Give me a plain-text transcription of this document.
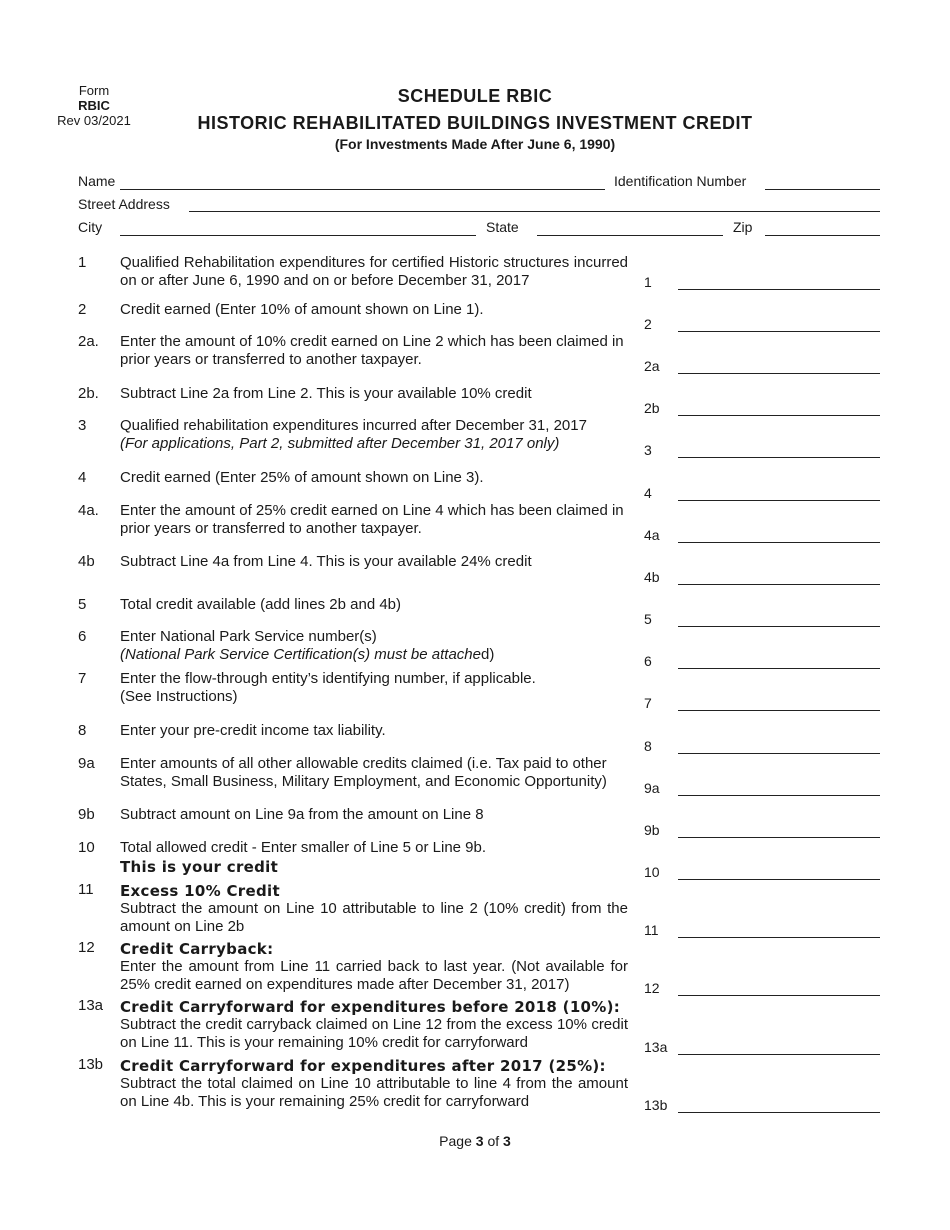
Form
RBIC
Rev 03/2021
SCHEDULE RBIC
HISTORIC REHABILITATED BUILDINGS INVESTMENT CREDIT
(For Investments Made After June 6, 1990)
Name	Identification Number
Street Address
City	State	Zip
1 Qualified Rehabilitation expenditures for certified Historic structures incurred on or after June 6, 1990 and on or before December 31, 2017	1
2 Credit earned (Enter 10% of amount shown on Line 1).
2
2a. Enter the amount of 10% credit earned on Line 2 which has been claimed in prior years or transferred to another taxpayer.	2a
2b. Subtract Line 2a from Line 2. This is your available 10% credit
2b
3 Qualified rehabilitation expenditures incurred after December 31, 2017
(For applications, Part 2, submitted after December 31, 2017 only)	3
4 Credit earned (Enter 25% of amount shown on Line 3).
4
4a. Enter the amount of 25% credit earned on Line 4 which has been claimed in prior years or transferred to another taxpayer.	4a
4b Subtract Line 4a from Line 4. This is your available 24% credit
4b
5 Total credit available (add lines 2b and 4b)
5
6 Enter National Park Service number(s)
(National Park Service Certification(s) must be attached)	6
7 Enter the flow-through entity’s identifying number, if applicable.
(See Instructions)	7
8 Enter your pre-credit income tax liability.
8
9a Enter amounts of all other allowable credits claimed (i.e. Tax paid to other States, Small Business, Military Employment, and Economic Opportunity)	9a
9b Subtract amount on Line 9a from the amount on Line 8
9b
10 Total allowed credit - Enter smaller of Line 5 or Line 9b.
This is your credit	10
11 Excess 10% Credit
Subtract the amount on Line 10 attributable to line 2 (10% credit) from the amount on Line 2b	11
12 Credit Carryback:
Enter the amount from Line 11 carried back to last year. (Not available for 25% credit earned on expenditures made after December 31, 2017)	12
13a Credit Carryforward for expenditures before 2018 (10%):
Subtract the credit carryback claimed on Line 12 from the excess 10% credit on Line 11. This is your remaining 10% credit for carryforward	13a
13b Credit Carryforward for expenditures after 2017 (25%):
Subtract the total claimed on Line 10 attributable to line 4 from the amount on Line 4b. This is your remaining 25% credit for carryforward	13b
Page 3 of 3
